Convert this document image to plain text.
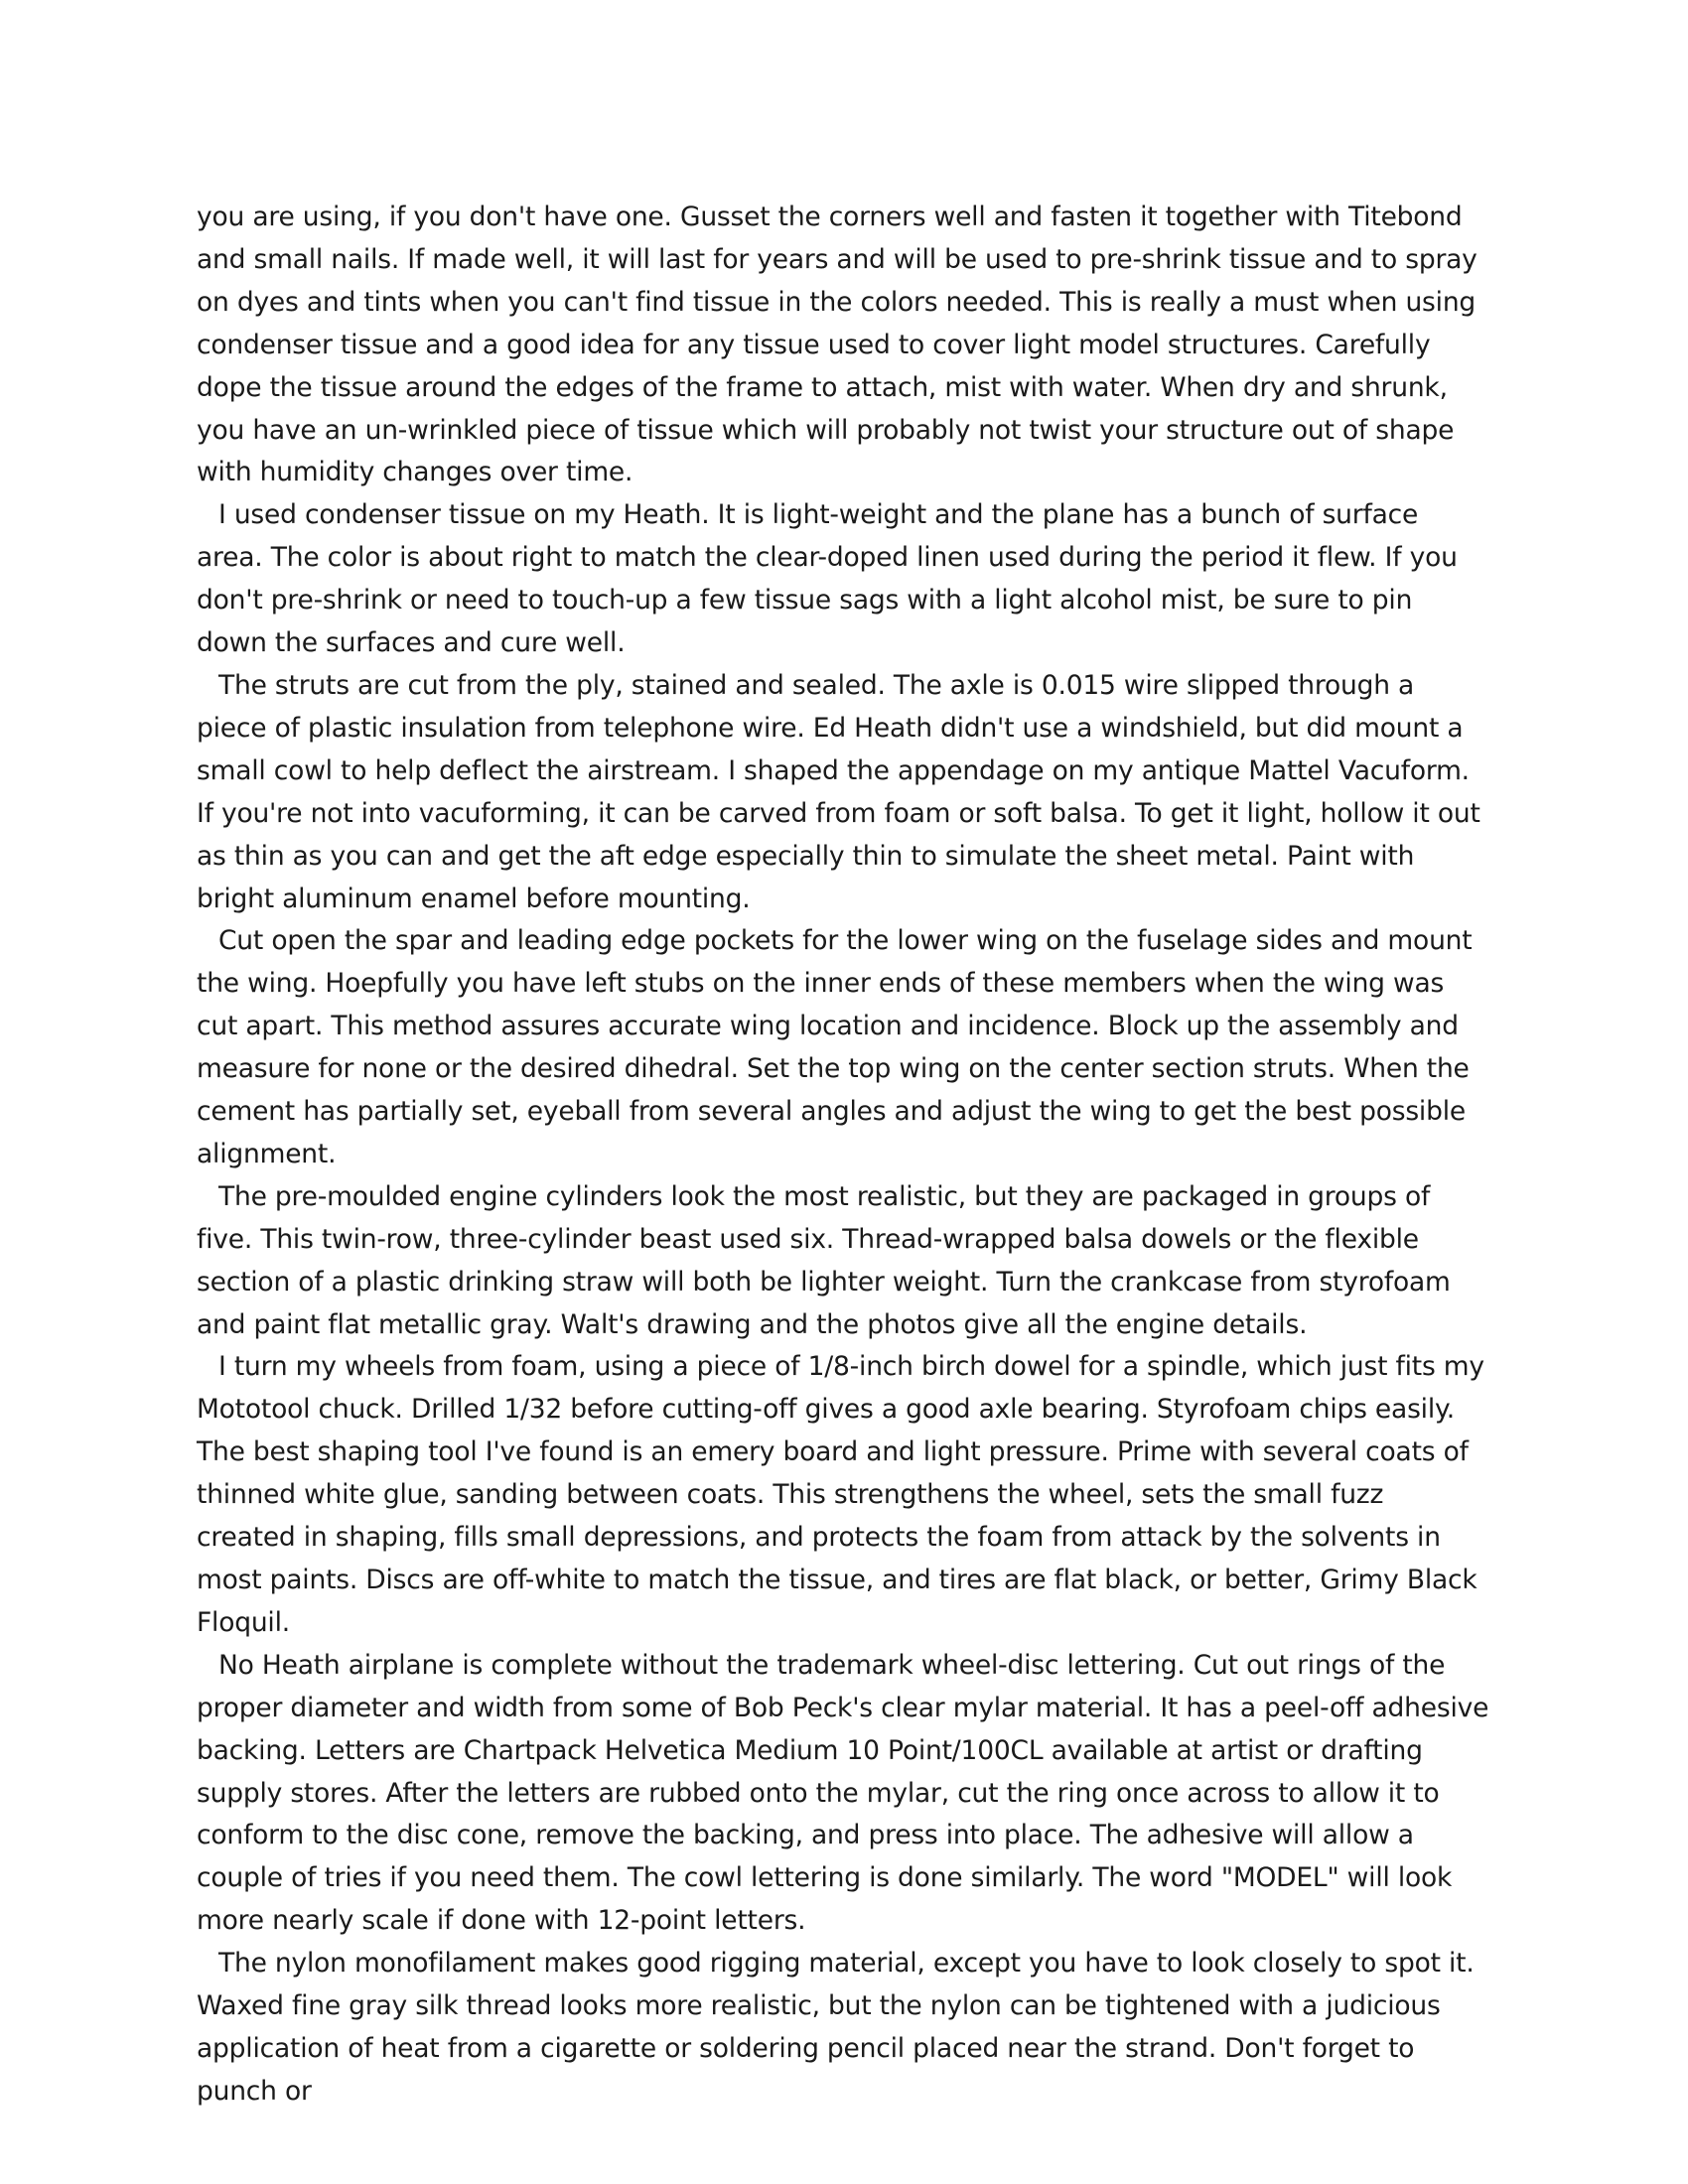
you are using, if you don't have one. Gusset the corners well and fasten it together with Titebond and small nails. If made well, it will last for years and will be used to pre-shrink tissue and to spray on dyes and tints when you can't find tissue in the colors needed. This is really a must when using condenser tissue and a good idea for any tissue used to cover light model structures. Carefully dope the tissue around the edges of the frame to attach, mist with water. When dry and shrunk, you have an un-wrinkled piece of tissue which will probably not twist your structure out of shape with humidity changes over time.

I used condenser tissue on my Heath. It is light-weight and the plane has a bunch of surface area. The color is about right to match the clear-doped linen used during the period it flew. If you don't pre-shrink or need to touch-up a few tissue sags with a light alcohol mist, be sure to pin down the surfaces and cure well.

The struts are cut from the ply, stained and sealed. The axle is 0.015 wire slipped through a piece of plastic insulation from telephone wire. Ed Heath didn't use a windshield, but did mount a small cowl to help deflect the airstream. I shaped the appendage on my antique Mattel Vacuform. If you're not into vacuforming, it can be carved from foam or soft balsa. To get it light, hollow it out as thin as you can and get the aft edge especially thin to simulate the sheet metal. Paint with bright aluminum enamel before mounting.

Cut open the spar and leading edge pockets for the lower wing on the fuselage sides and mount the wing. Hoepfully you have left stubs on the inner ends of these members when the wing was cut apart. This method assures accurate wing location and incidence. Block up the assembly and measure for none or the desired dihedral. Set the top wing on the center section struts. When the cement has partially set, eyeball from several angles and adjust the wing to get the best possible alignment.

The pre-moulded engine cylinders look the most realistic, but they are packaged in groups of five. This twin-row, three-cylinder beast used six. Thread-wrapped balsa dowels or the flexible section of a plastic drinking straw will both be lighter weight. Turn the crankcase from styrofoam and paint flat metallic gray. Walt's drawing and the photos give all the engine details.

I turn my wheels from foam, using a piece of 1/8-inch birch dowel for a spindle, which just fits my Mototool chuck. Drilled 1/32 before cutting-off gives a good axle bearing. Styrofoam chips easily. The best shaping tool I've found is an emery board and light pressure. Prime with several coats of thinned white glue, sanding between coats. This strengthens the wheel, sets the small fuzz created in shaping, fills small depressions, and protects the foam from attack by the solvents in most paints. Discs are off-white to match the tissue, and tires are flat black, or better, Grimy Black Floquil.

No Heath airplane is complete without the trademark wheel-disc lettering. Cut out rings of the proper diameter and width from some of Bob Peck's clear mylar material. It has a peel-off adhesive backing. Letters are Chartpack Helvetica Medium 10 Point/100CL available at artist or drafting supply stores. After the letters are rubbed onto the mylar, cut the ring once across to allow it to conform to the disc cone, remove the backing, and press into place. The adhesive will allow a couple of tries if you need them. The cowl lettering is done similarly. The word "MODEL" will look more nearly scale if done with 12-point letters.

The nylon monofilament makes good rigging material, except you have to look closely to spot it. Waxed fine gray silk thread looks more realistic, but the nylon can be tightened with a judicious application of heat from a cigarette or soldering pencil placed near the strand. Don't forget to punch or
